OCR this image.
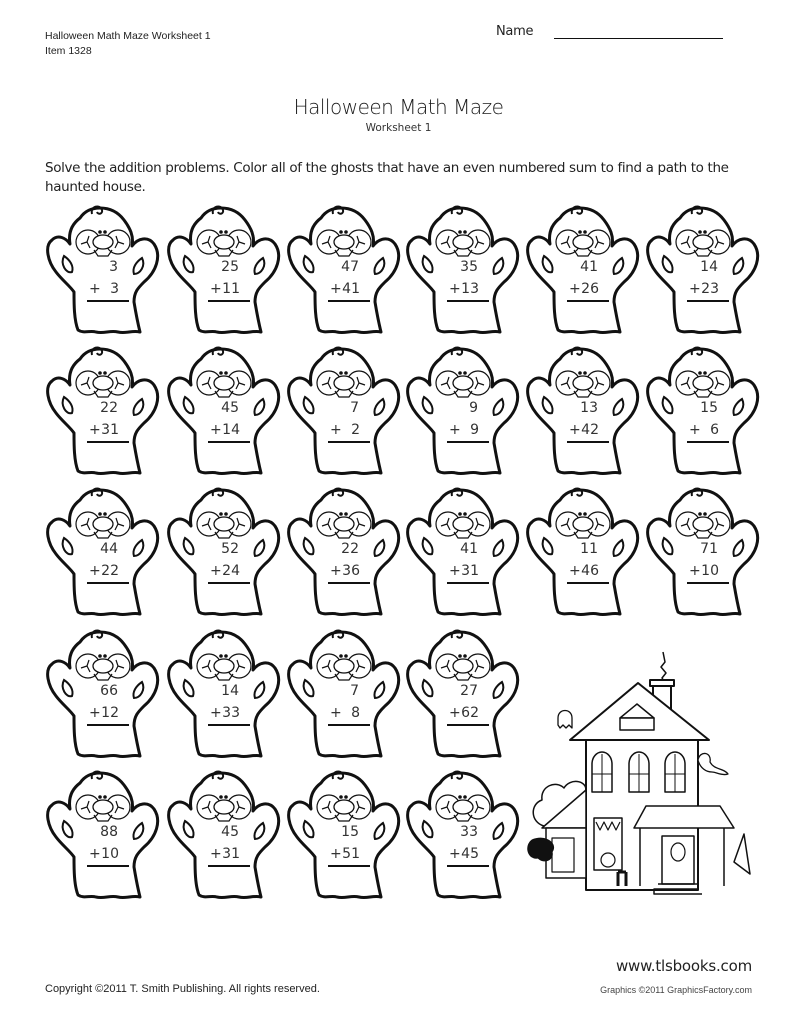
Halloween Math Maze Worksheet 1
Item 1328
Name
Halloween Math Maze
Worksheet 1
Solve the addition problems. Color all of the ghosts that have an even numbered sum to find a path to the haunted house.
3
+ 3
25
+11
47
+41
35
+13
41
+26
14
+23
22
+31
45
+14
7
+ 2
9
+ 9
13
+42
15
+ 6
44
+22
52
+24
22
+36
41
+31
11
+46
71
+10
66
+12
14
+33
7
+ 8
27
+62
88
+10
45
+31
15
+51
33
+45
www.tlsbooks.com
Copyright ©2011 T. Smith Publishing. All rights reserved.	Graphics ©2011 GraphicsFactory.com
